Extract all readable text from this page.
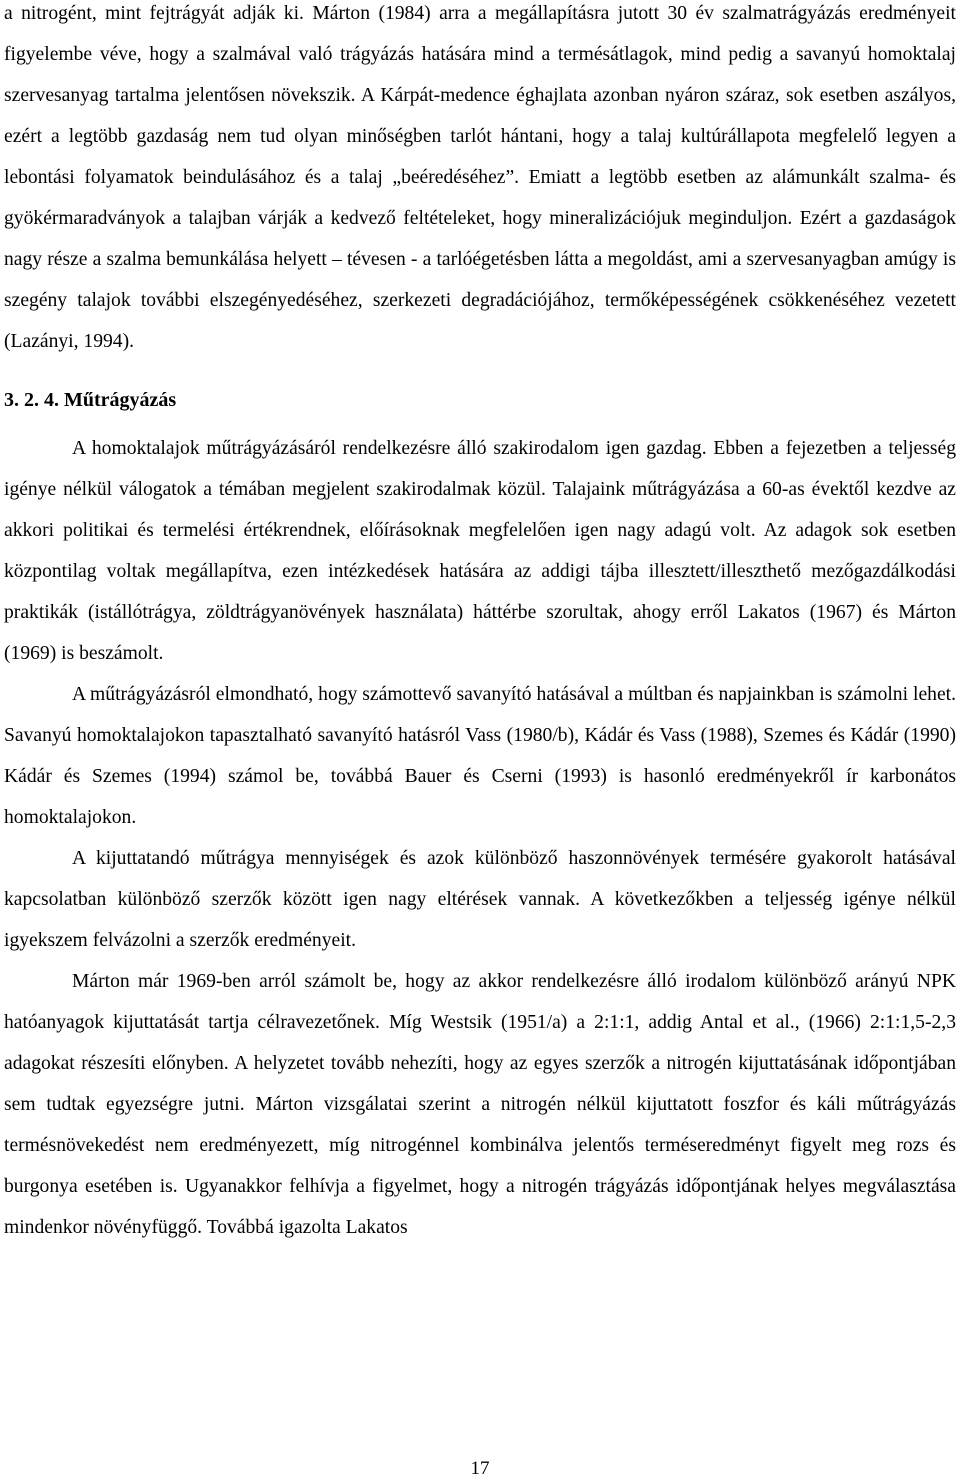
a nitrogént, mint fejtrágyát adják ki. Márton (1984) arra a megállapításra jutott 30 év szalmatrágyázás eredményeit figyelembe véve, hogy a szalmával való trágyázás hatására mind a termésátlagok, mind pedig a savanyú homoktalaj szervesanyag tartalma jelentősen növekszik. A Kárpát-medence éghajlata azonban nyáron száraz, sok esetben aszályos, ezért a legtöbb gazdaság nem tud olyan minőségben tarlót hántani, hogy a talaj kultúrállapota megfelelő legyen a lebontási folyamatok beindulásához és a talaj „beéredéséhez”. Emiatt a legtöbb esetben az alámunkált szalma- és gyökérmaradványok a talajban várják a kedvező feltételeket, hogy mineralizációjuk meginduljon. Ezért a gazdaságok nagy része a szalma bemunkálása helyett – tévesen - a tarlóégetésben látta a megoldást, ami a szervesanyagban amúgy is szegény talajok további elszegényedéséhez, szerkezeti degradációjához, termőképességének csökkenéséhez vezetett (Lazányi, 1994).

3. 2. 4. Műtrágyázás

A homoktalajok műtrágyázásáról rendelkezésre álló szakirodalom igen gazdag. Ebben a fejezetben a teljesség igénye nélkül válogatok a témában megjelent szakirodalmak közül. Talajaink műtrágyázása a 60-as évektől kezdve az akkori politikai és termelési értékrendnek, előírásoknak megfelelően igen nagy adagú volt. Az adagok sok esetben központilag voltak megállapítva, ezen intézkedések hatására az addigi tájba illesztett/illeszthető mezőgazdálkodási praktikák (istállótrágya, zöldtrágyanövények használata) háttérbe szorultak, ahogy erről Lakatos (1967) és Márton (1969) is beszámolt.

A műtrágyázásról elmondható, hogy számottevő savanyító hatásával a múltban és napjainkban is számolni lehet. Savanyú homoktalajokon tapasztalható savanyító hatásról Vass (1980/b), Kádár és Vass (1988), Szemes és Kádár (1990) Kádár és Szemes (1994) számol be, továbbá Bauer és Cserni (1993) is hasonló eredményekről ír karbonátos homoktalajokon.

A kijuttatandó műtrágya mennyiségek és azok különböző haszonnövények termésére gyakorolt hatásával kapcsolatban különböző szerzők között igen nagy eltérések vannak. A következőkben a teljesség igénye nélkül igyekszem felvázolni a szerzők eredményeit.

Márton már 1969-ben arról számolt be, hogy az akkor rendelkezésre álló irodalom különböző arányú NPK hatóanyagok kijuttatását tartja célravezetőnek. Míg Westsik (1951/a) a 2:1:1, addig Antal et al., (1966) 2:1:1,5-2,3 adagokat részesíti előnyben. A helyzetet tovább nehezíti, hogy az egyes szerzők a nitrogén kijuttatásának időpontjában sem tudtak egyezségre jutni. Márton vizsgálatai szerint a nitrogén nélkül kijuttatott foszfor és káli műtrágyázás termésnövekedést nem eredményezett, míg nitrogénnel kombinálva jelentős terméseredményt figyelt meg rozs és burgonya esetében is. Ugyanakkor felhívja a figyelmet, hogy a nitrogén trágyázás időpontjának helyes megválasztása mindenkor növényfüggő. Továbbá igazolta Lakatos

17
